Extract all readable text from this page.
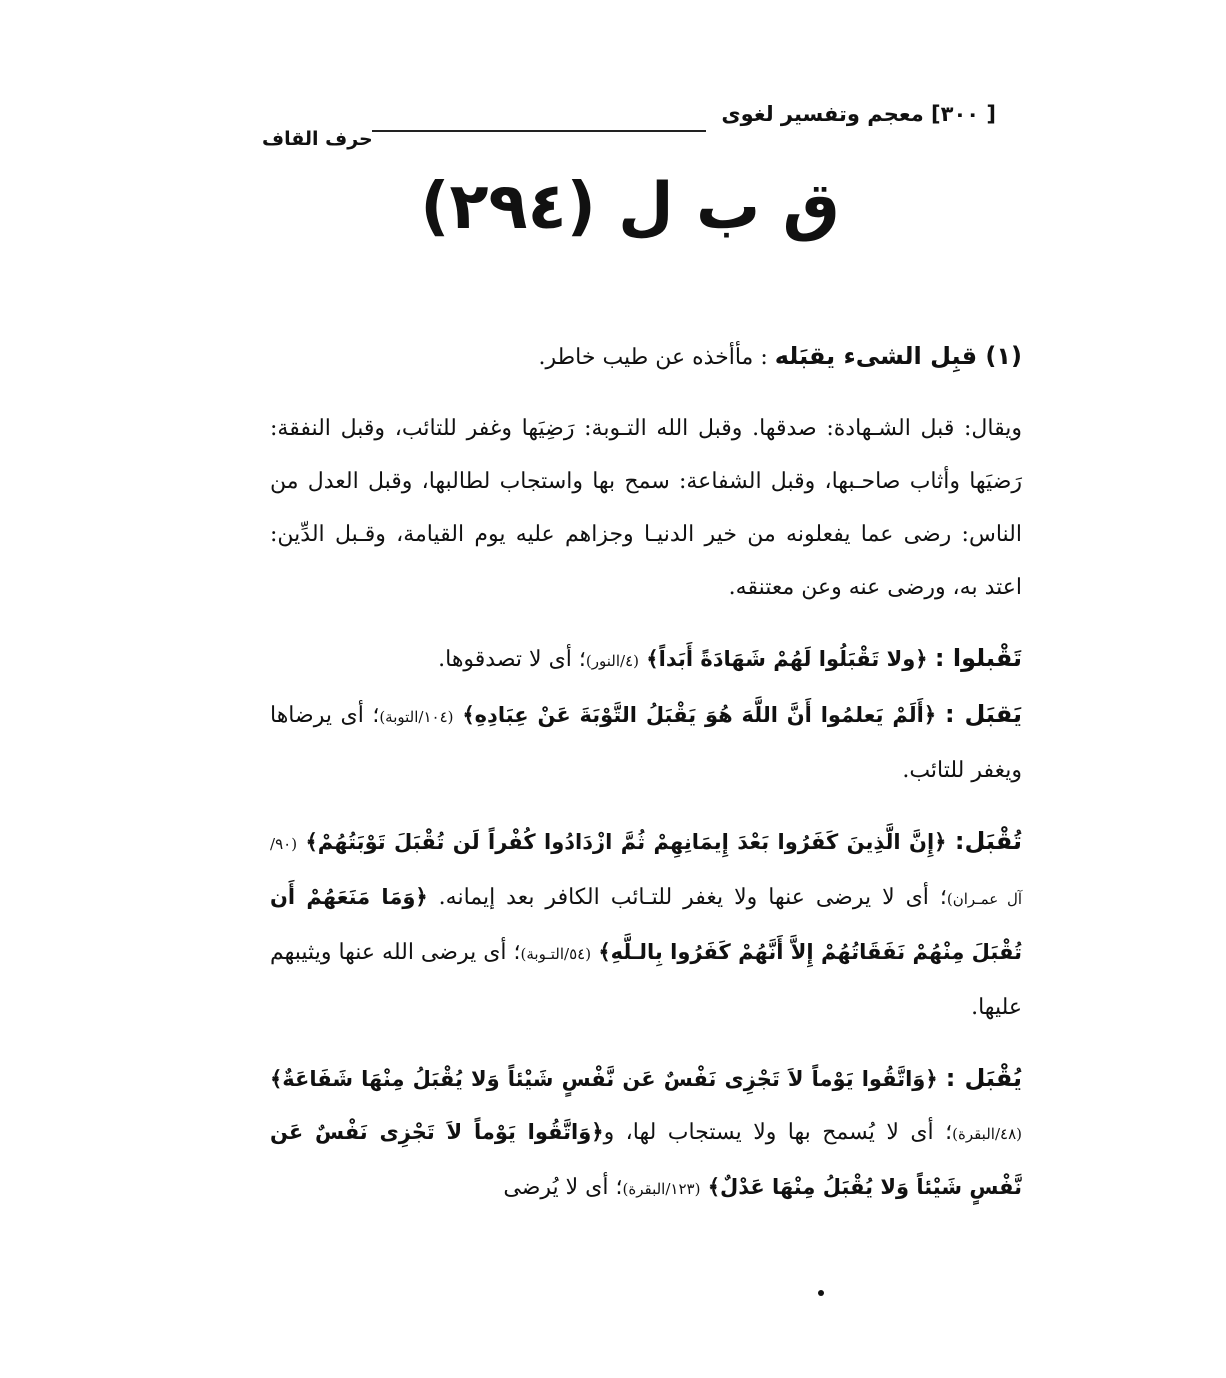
[ ٣٠٠] معجم وتفسير لغوى
حرف القاف
ق ب ل (٢٩٤)

(١) قبِل الشىء يقبَله : مأأخذه عن طيب خاطر.

ويقال: قبل الشـهادة: صدقها. وقبل الله التـوبة: رَضِيَها وغفر للتائب، وقبل النفقة: رَضيَها وأثاب صاحـبها، وقبل الشفاعة: سمح بها واستجاب لطالبها، وقبل العدل من الناس: رضى عما يفعلونه من خير الدنيـا وجزاهم عليه يوم القيامة، وقـبل الدِّين: اعتد به، ورضى عنه وعن معتنقه.

تَقْبلوا : ﴿ولا تَقْبَلُوا لَهُمْ شَهَادَةً أَبَداً﴾ (٤/النور)؛ أى لا تصدقوها.

يَقبَل : ﴿أَلَمْ يَعلمُوا أَنَّ اللَّهَ هُوَ يَقْبَلُ التَّوْبَةَ عَنْ عِبَادِهِ﴾ (١٠٤/التوبة)؛ أى يرضاها ويغفر للتائب.

تُقْبَل: ﴿إِنَّ الَّذِينَ كَفَرُوا بَعْدَ إِيمَانِهِمْ ثُمَّ ازْدَادُوا كُفْراً لَن تُقْبَلَ تَوْبَتُهُمْ﴾ (٩٠/آل عمـران)؛ أى لا يرضى عنها ولا يغفر للتـائب الكافر بعد إيمانه. ﴿وَمَا مَنَعَهُمْ أَن تُقْبَلَ مِنْهُمْ نَفَقَاتُهُمْ إِلاَّ أَنَّهُمْ كَفَرُوا بِالـلَّهِ﴾ (٥٤/التـوبة)؛ أى يرضى الله عنها ويثيبهم عليها.

يُقْبَل : ﴿وَاتَّقُوا يَوْماً لاَ تَجْزِى نَفْسٌ عَن نَّفْسٍ شَيْئاً وَلا يُقْبَلُ مِنْهَا شَفَاعَةٌ﴾ (٤٨/البقرة)؛ أى لا يُسمح بها ولا يستجاب لها، و﴿وَاتَّقُوا يَوْماً لاَ تَجْزِى نَفْسٌ عَن نَّفْسٍ شَيْئاً وَلا يُقْبَلُ مِنْهَا عَدْلٌ﴾ (١٢٣/البقرة)؛ أى لا يُرضى
